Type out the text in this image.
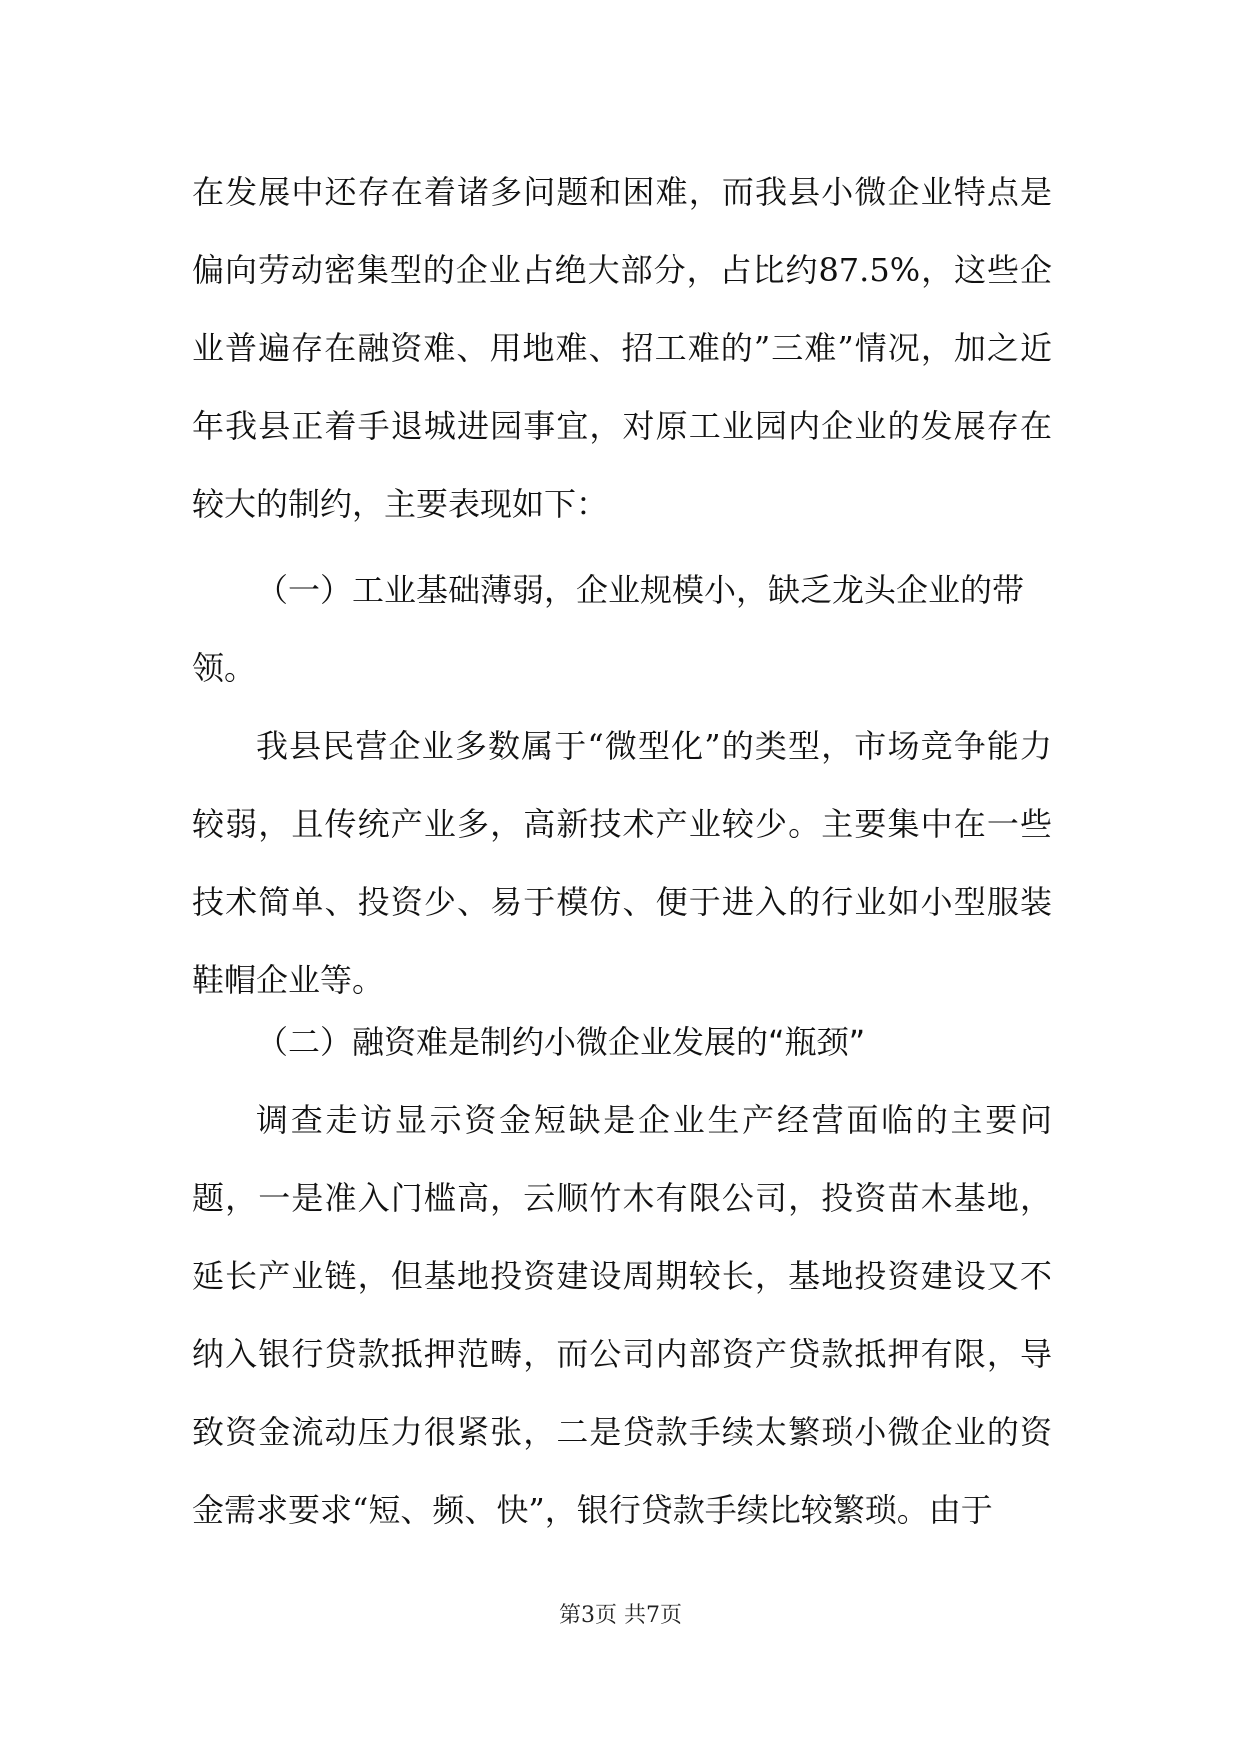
在发展中还存在着诸多问题和困难，而我县小微企业特点是偏向劳动密集型的企业占绝大部分，占比约87.5%，这些企业普遍存在融资难、用地难、招工难的”三难”情况，加之近年我县正着手退城进园事宜，对原工业园内企业的发展存在较大的制约，主要表现如下：

（一）工业基础薄弱，企业规模小，缺乏龙头企业的带领。

我县民营企业多数属于“微型化”的类型，市场竞争能力较弱，且传统产业多，高新技术产业较少。主要集中在一些技术简单、投资少、易于模仿、便于进入的行业如小型服装鞋帽企业等。

（二）融资难是制约小微企业发展的“瓶颈”

调查走访显示资金短缺是企业生产经营面临的主要问题，一是准入门槛高，云顺竹木有限公司，投资苗木基地，延长产业链，但基地投资建设周期较长，基地投资建设又不纳入银行贷款抵押范畴，而公司内部资产贷款抵押有限，导致资金流动压力很紧张，二是贷款手续太繁琐小微企业的资金需求要求“短、频、快”，银行贷款手续比较繁琐。由于

第3页 共7页
